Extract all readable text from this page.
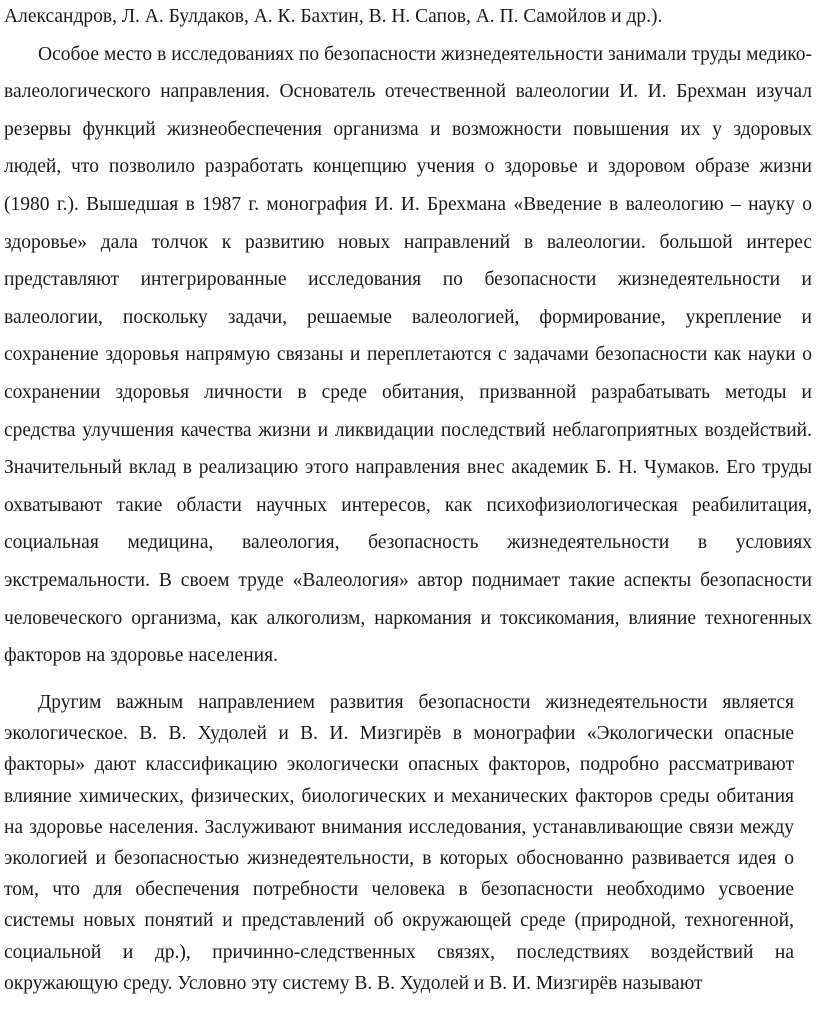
Александров, Л. А. Булдаков, А. К. Бахтин, В. Н. Сапов, А. П. Самойлов и др.).
Особое место в исследованиях по безопасности жизнедеятельности занимали труды медико-
валеологического направления. Основатель отечественной валеологии И. И. Брехман изучал
резервы функций жизнеобеспечения организма и возможности повышения их у здоровых
людей, что позволило разработать концепцию учения о здоровье и здоровом образе жизни
(1980 г.). Вышедшая в 1987 г. монография И. И. Брехмана «Введение в валеологию – науку о
здоровье» дала толчок к развитию новых направлений в валеологии. большой интерес
представляют интегрированные исследования по безопасности жизнедеятельности и
валеологии, поскольку задачи, решаемые валеологией, формирование, укрепление и
сохранение здоровья напрямую связаны и переплетаются с задачами безопасности как науки о
сохранении здоровья личности в среде обитания, призванной разрабатывать методы и
средства улучшения качества жизни и ликвидации последствий неблагоприятных воздействий.
Значительный вклад в реализацию этого направления внес академик Б. Н. Чумаков. Его труды
охватывают такие области научных интересов, как психофизиологическая реабилитация,
социальная медицина, валеология, безопасность жизнедеятельности в условиях
экстремальности. В своем труде «Валеология» автор поднимает такие аспекты безопасности
человеческого организма, как алкоголизм, наркомания и токсикомания, влияние техногенных
факторов на здоровье населения.
Другим важным направлением развития безопасности жизнедеятельности является
экологическое. В. В. Худолей и В. И. Мизгирёв в монографии «Экологически опасные
факторы» дают классификацию экологически опасных факторов, подробно рассматривают
влияние химических, физических, биологических и механических факторов среды обитания
на здоровье населения. Заслуживают внимания исследования, устанавливающие связи между
экологией и безопасностью жизнедеятельности, в которых обоснованно развивается идея о
том, что для обеспечения потребности человека в безопасности необходимо усвоение
системы новых понятий и представлений об окружающей среде (природной, техногенной,
социальной и др.), причинно-следственных связях, последствиях воздействий на
окружающую среду. Условно эту систему В. В. Худолей и В. И. Мизгирёв называют
